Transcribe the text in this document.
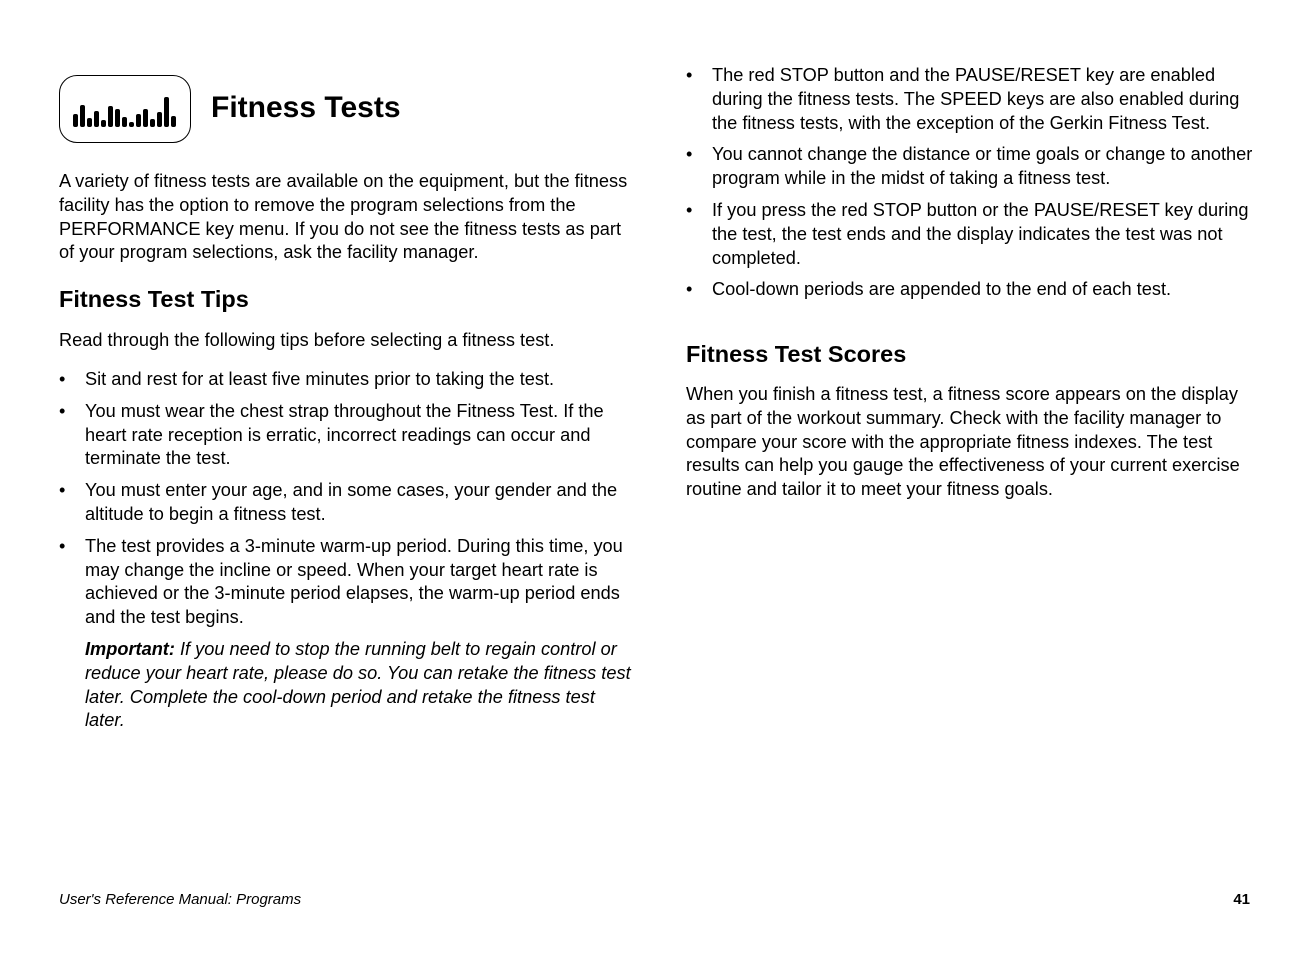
Fitness Tests

A variety of fitness tests are available on the equipment, but the fitness facility has the option to remove the program selections from the PERFORMANCE key menu. If you do not see the fitness tests as part of your program selections, ask the facility manager.

Fitness Test Tips

Read through the following tips before selecting a fitness test.

• Sit and rest for at least five minutes prior to taking the test.
• You must wear the chest strap throughout the Fitness Test. If the heart rate reception is erratic, incorrect readings can occur and terminate the test.
• You must enter your age, and in some cases, your gender and the altitude to begin a fitness test.
• The test provides a 3-minute warm-up period. During this time, you may change the incline or speed. When your target heart rate is achieved or the 3-minute period elapses, the warm-up period ends and the test begins.

Important: If you need to stop the running belt to regain control or reduce your heart rate, please do so. You can retake the fitness test later. Complete the cool-down period and retake the fitness test later.

• The red STOP button and the PAUSE/RESET key are enabled during the fitness tests. The SPEED keys are also enabled during the fitness tests, with the exception of the Gerkin Fitness Test.
• You cannot change the distance or time goals or change to another program while in the midst of taking a fitness test.
• If you press the red STOP button or the PAUSE/RESET key during the test, the test ends and the display indicates the test was not completed.
• Cool-down periods are appended to the end of each test.
Fitness Test Scores

When you finish a fitness test, a fitness score appears on the display as part of the workout summary. Check with the facility manager to compare your score with the appropriate fitness indexes. The test results can help you gauge the effectiveness of your current exercise routine and tailor it to meet your fitness goals.

User's Reference Manual: Programs	41
